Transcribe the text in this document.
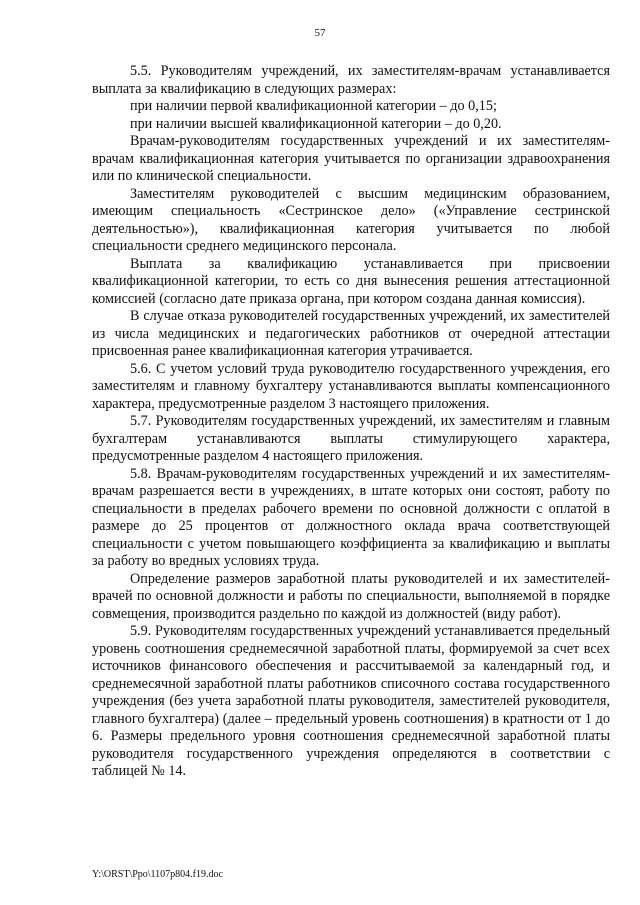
57

5.5. Руководителям учреждений, их заместителям-врачам устанавливается выплата за квалификацию в следующих размерах:

при наличии первой квалификационной категории – до 0,15;

при наличии высшей квалификационной категории – до 0,20.

Врачам-руководителям государственных учреждений и их заместителям-врачам квалификационная категория учитывается по организации здравоохранения или по клинической специальности.

Заместителям руководителей с высшим медицинским образованием, имеющим специальность «Сестринское дело» («Управление сестринской деятельностью»), квалификационная категория учитывается по любой специальности среднего медицинского персонала.

Выплата за квалификацию устанавливается при присвоении квалификационной категории, то есть со дня вынесения решения аттестационной комиссией (согласно дате приказа органа, при котором создана данная комиссия).

В случае отказа руководителей государственных учреждений, их заместителей из числа медицинских и педагогических работников от очередной аттестации присвоенная ранее квалификационная категория утрачивается.

5.6. С учетом условий труда руководителю государственного учреждения, его заместителям и главному бухгалтеру устанавливаются выплаты компенсационного характера, предусмотренные разделом 3 настоящего приложения.

5.7. Руководителям государственных учреждений, их заместителям и главным бухгалтерам устанавливаются выплаты стимулирующего характера, предусмотренные разделом 4 настоящего приложения.

5.8. Врачам-руководителям государственных учреждений и их заместителям-врачам разрешается вести в учреждениях, в штате которых они состоят, работу по специальности в пределах рабочего времени по основной должности с оплатой в размере до 25 процентов от должностного оклада врача соответствующей специальности с учетом повышающего коэффициента за квалификацию и выплаты за работу во вредных условиях труда.

Определение размеров заработной платы руководителей и их заместителей-врачей по основной должности и работы по специальности, выполняемой в порядке совмещения, производится раздельно по каждой из должностей (виду работ).

5.9. Руководителям государственных учреждений устанавливается предельный уровень соотношения среднемесячной заработной платы, формируемой за счет всех источников финансового обеспечения и рассчитываемой за календарный год, и среднемесячной заработной платы работников списочного состава государственного учреждения (без учета заработной платы руководителя, заместителей руководителя, главного бухгалтера) (далее – предельный уровень соотношения) в кратности от 1 до 6. Размеры предельного уровня соотношения среднемесячной заработной платы руководителя государственного учреждения определяются в соответствии с таблицей № 14.

Y:\ORST\Ppo\1107p804.f19.doc
